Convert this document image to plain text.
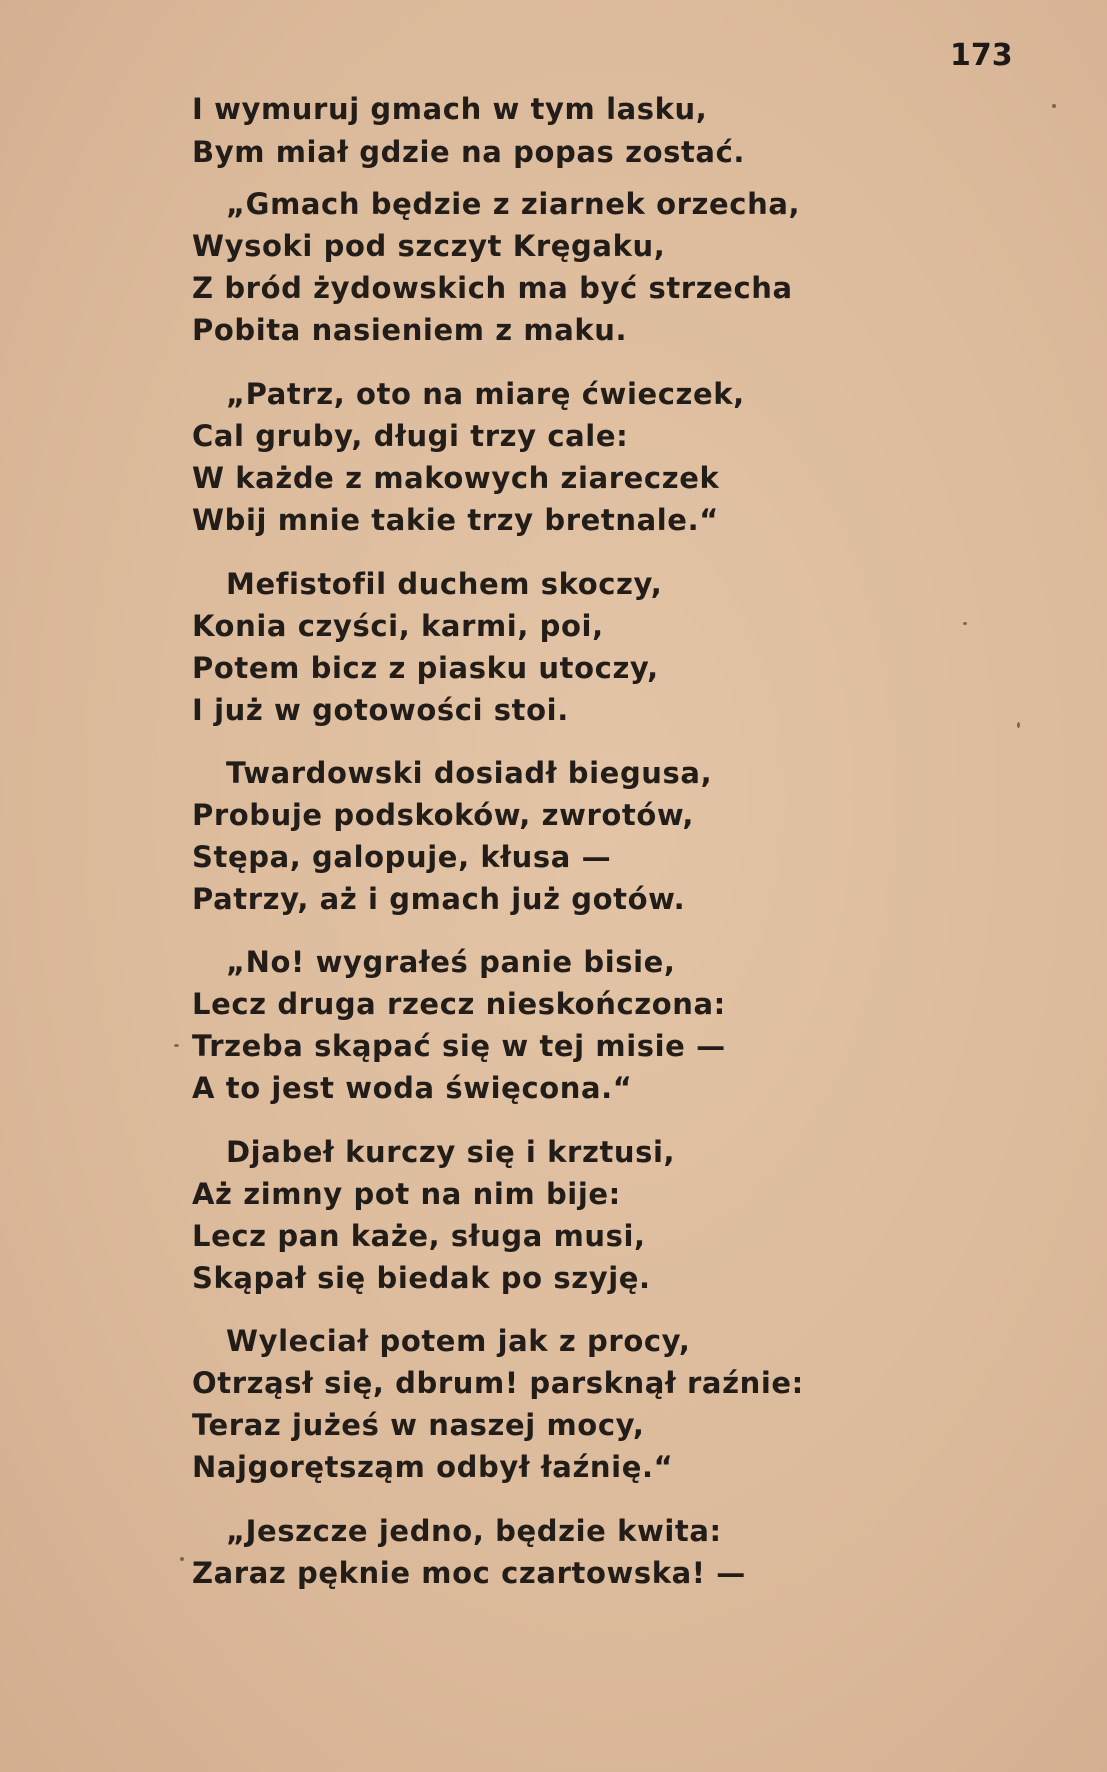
173
I wymuruj gmach w tym lasku,
Bym miał gdzie na popas zostać.
„Gmach będzie z ziarnek orzecha,
Wysoki pod szczyt Kręgaku,
Z bród żydowskich ma być strzecha
Pobita nasieniem z maku.
„Patrz, oto na miarę ćwieczek,
Cal gruby, długi trzy cale:
W każde z makowych ziareczek
Wbij mnie takie trzy bretnale.“
Mefistofil duchem skoczy,
Konia czyści, karmi, poi,
Potem bicz z piasku utoczy,
I już w gotowości stoi.
Twardowski dosiadł biegusa,
Probuje podskoków, zwrotów,
Stępa, galopuje, kłusa —
Patrzy, aż i gmach już gotów.
„No! wygrałeś panie bisie,
Lecz druga rzecz nieskończona:
Trzeba skąpać się w tej misie —
A to jest woda święcona.“
Djabeł kurczy się i krztusi,
Aż zimny pot na nim bije:
Lecz pan każe, sługa musi,
Skąpał się biedak po szyję.
Wyleciał potem jak z procy,
Otrząsł się, dbrum! parsknął raźnie:
Teraz jużeś w naszej mocy,
Najgorętsząm odbył łaźnię.“
„Jeszcze jedno, będzie kwita:
Zaraz pęknie moc czartowska! —
